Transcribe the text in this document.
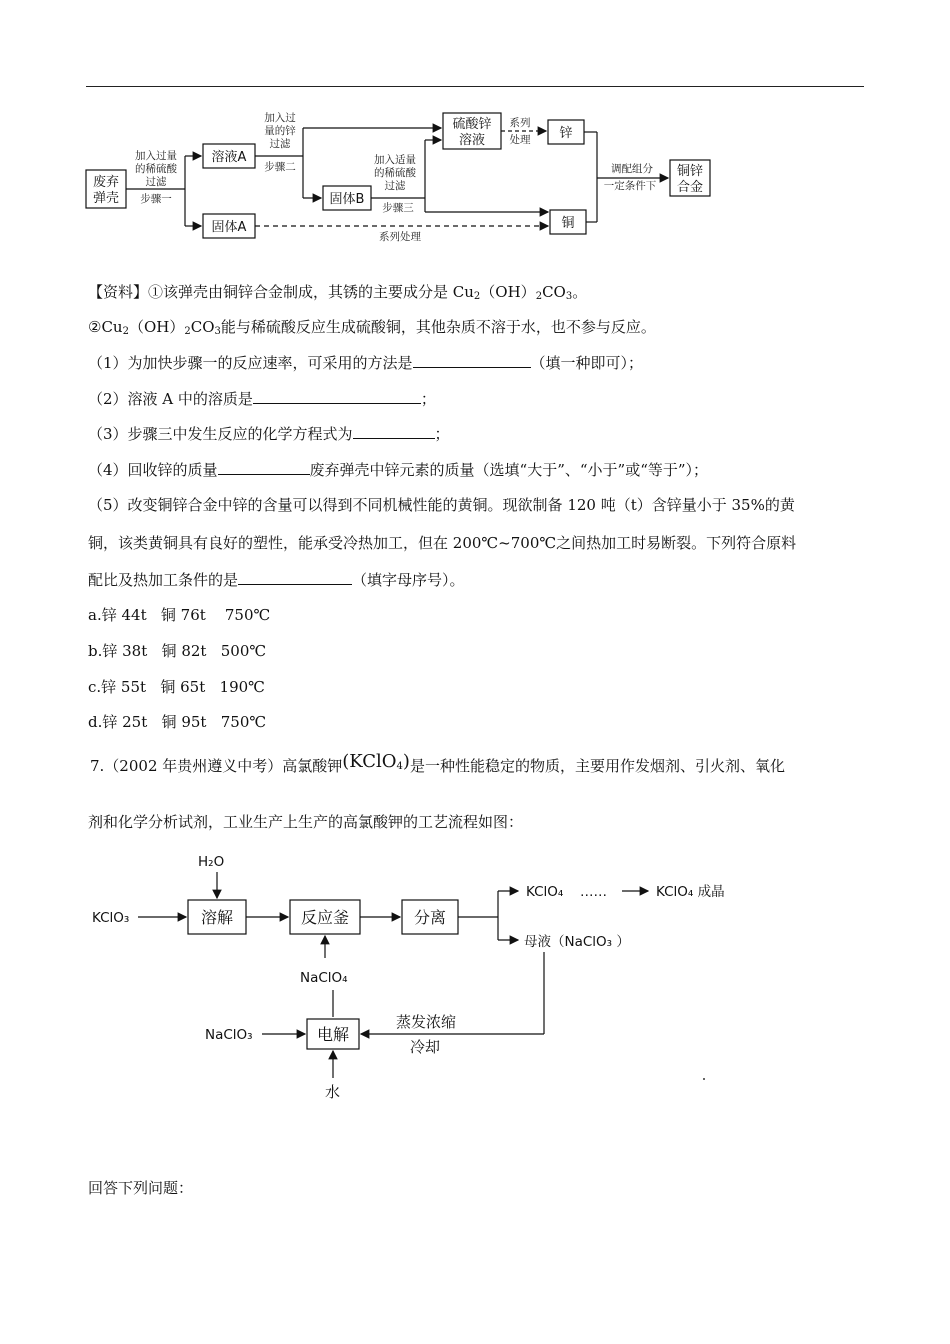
废弃
弹壳
溶液A
固体A
固体B
硫酸锌
溶液	锌
铜
铜锌
合金
加入过量
的稀硫酸
过滤
步骤一
加入过
量的锌
过滤
步骤二
加入适量
的稀硫酸
过滤
步骤三
系列
处理
系列处理
调配组分
一定条件下
【资料】①该弹壳由铜锌合金制成，其锈的主要成分是 $Cu_2(OH)_2CO_3$。
$②Cu_2(OH)_2CO_3$能与稀硫酸反应生成硫酸铜，其他杂质不溶于水，也不参与反应。
（1）为加快步骤一的反应速率，可采用的方法是	（填一种即可）；
（2）溶液 A 中的溶质是	；
（3）步骤三中发生反应的化学方程式为	；
（4）回收锌的质量	废弃弹壳中锌元素的质量（选填“大于”、“小于”或“等于”）；
（5）改变铜锌合金中锌的含量可以得到不同机械性能的黄铜。现欲制备 120 吨（t）含锌量小于 35%的黄
铜，该类黄铜具有良好的塑性，能承受冷热加工，但在 200℃~700℃之间热加工时易断裂。下列符合原料
配比及热加工条件的是	（填字母序号）。
a.锌 44t   铜 76t    750℃
b.锌 38t   铜 82t   500℃
c.锌 55t   铜 65t   190℃
d.锌 25t   铜 95t   750℃
7.（2002 年贵州遵义中考）高氯酸钾(KClO$_4$)是一种性能稳定的物质，主要用作发烟剂、引火剂、氧化
剂和化学分析试剂，工业生产上生产的高氯酸钾的工艺流程如图：
溶解	反应釜	分离
电解
H₂O
KClO₃
KClO₄ ……	KClO₄ 成晶
母液（NaClO₃ ）
NaClO₄
NaClO₃
蒸发浓缩
冷却
水
回答下列问题：
